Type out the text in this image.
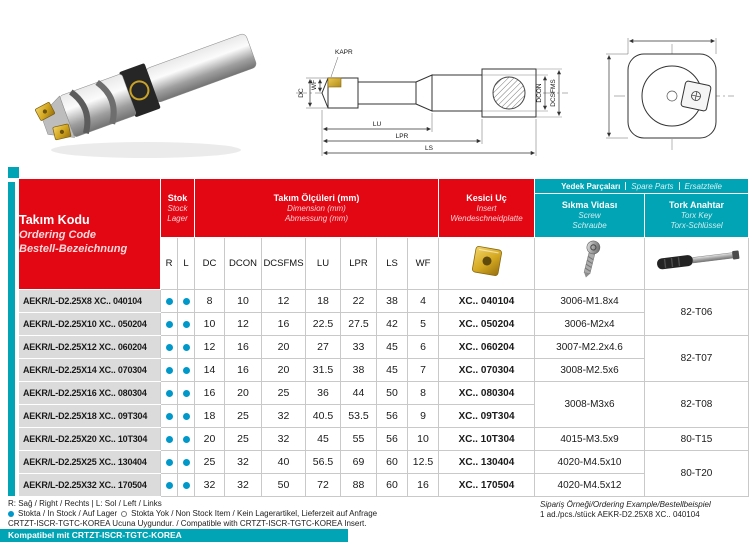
DC
WF
KAPR
LU
LPR
LS
DCON DCSFMS
Takım Kodu
Ordering Code
Bestell-Bezeichnung

Stok
Stock
Lager

Takım Ölçüleri (mm)
Dimension (mm)
Abmessung (mm)

Kesici Uç
Insert
Wendeschneidplatte

Yedek Parçaları Spare Parts Ersatzteile

Sıkma Vidası
Screw
Schraube

Tork Anahtar
Torx Key
Torx-Schlüssel

	R	L	DC	DCON	DCSFMS	LU	LPR	LS	WF			
AEKR/L-D2.25X8 XC.. 040104			8	10	12	18	22	38	4	XC.. 040104	3006-M1.8x4	82-T06
AEKR/L-D2.25X10 XC.. 050204			10	12	16	22.5	27.5	42	5	XC.. 050204	3006-M2x4	
AEKR/L-D2.25X12 XC.. 060204			12	16	20	27	33	45	6	XC.. 060204	3007-M2.2x4.6	82-T07
AEKR/L-D2.25X14 XC.. 070304			14	16	20	31.5	38	45	7	XC.. 070304	3008-M2.5x6	
AEKR/L-D2.25X16 XC.. 080304			16	20	25	36	44	50	8	XC.. 080304	3008-M3x6	82-T08
AEKR/L-D2.25X18 XC.. 09T304			18	25	32	40.5	53.5	56	9	XC.. 09T304		
AEKR/L-D2.25X20 XC.. 10T304			20	25	32	45	55	56	10	XC.. 10T304	4015-M3.5x9	80-T15
AEKR/L-D2.25X25 XC.. 130404			25	32	40	56.5	69	60	12.5	XC.. 130404	4020-M4.5x10	80-T20
AEKR/L-D2.25X32 XC.. 170504			32	32	50	72	88	60	16	XC.. 170504	4020-M4.5x12	
R: Sağ / Right / Rechts | L: Sol / Left / Links
Stokta / In Stock / Auf Lager Stokta Yok / Non Stock Item / Kein Lagerartikel, Lieferzeit auf Anfrage
CRTZT-ISCR-TGTC-KOREA Ucuna Uygundur. / Compatible with CRTZT-ISCR-TGTC-KOREA Insert.
Sipariş Örneği/Ordering Example/Bestellbeispiel
1 ad./pcs./stück AEKR-D2.25X8 XC.. 040104
Kompatibel mit CRTZT-ISCR-TGTC-KOREA
